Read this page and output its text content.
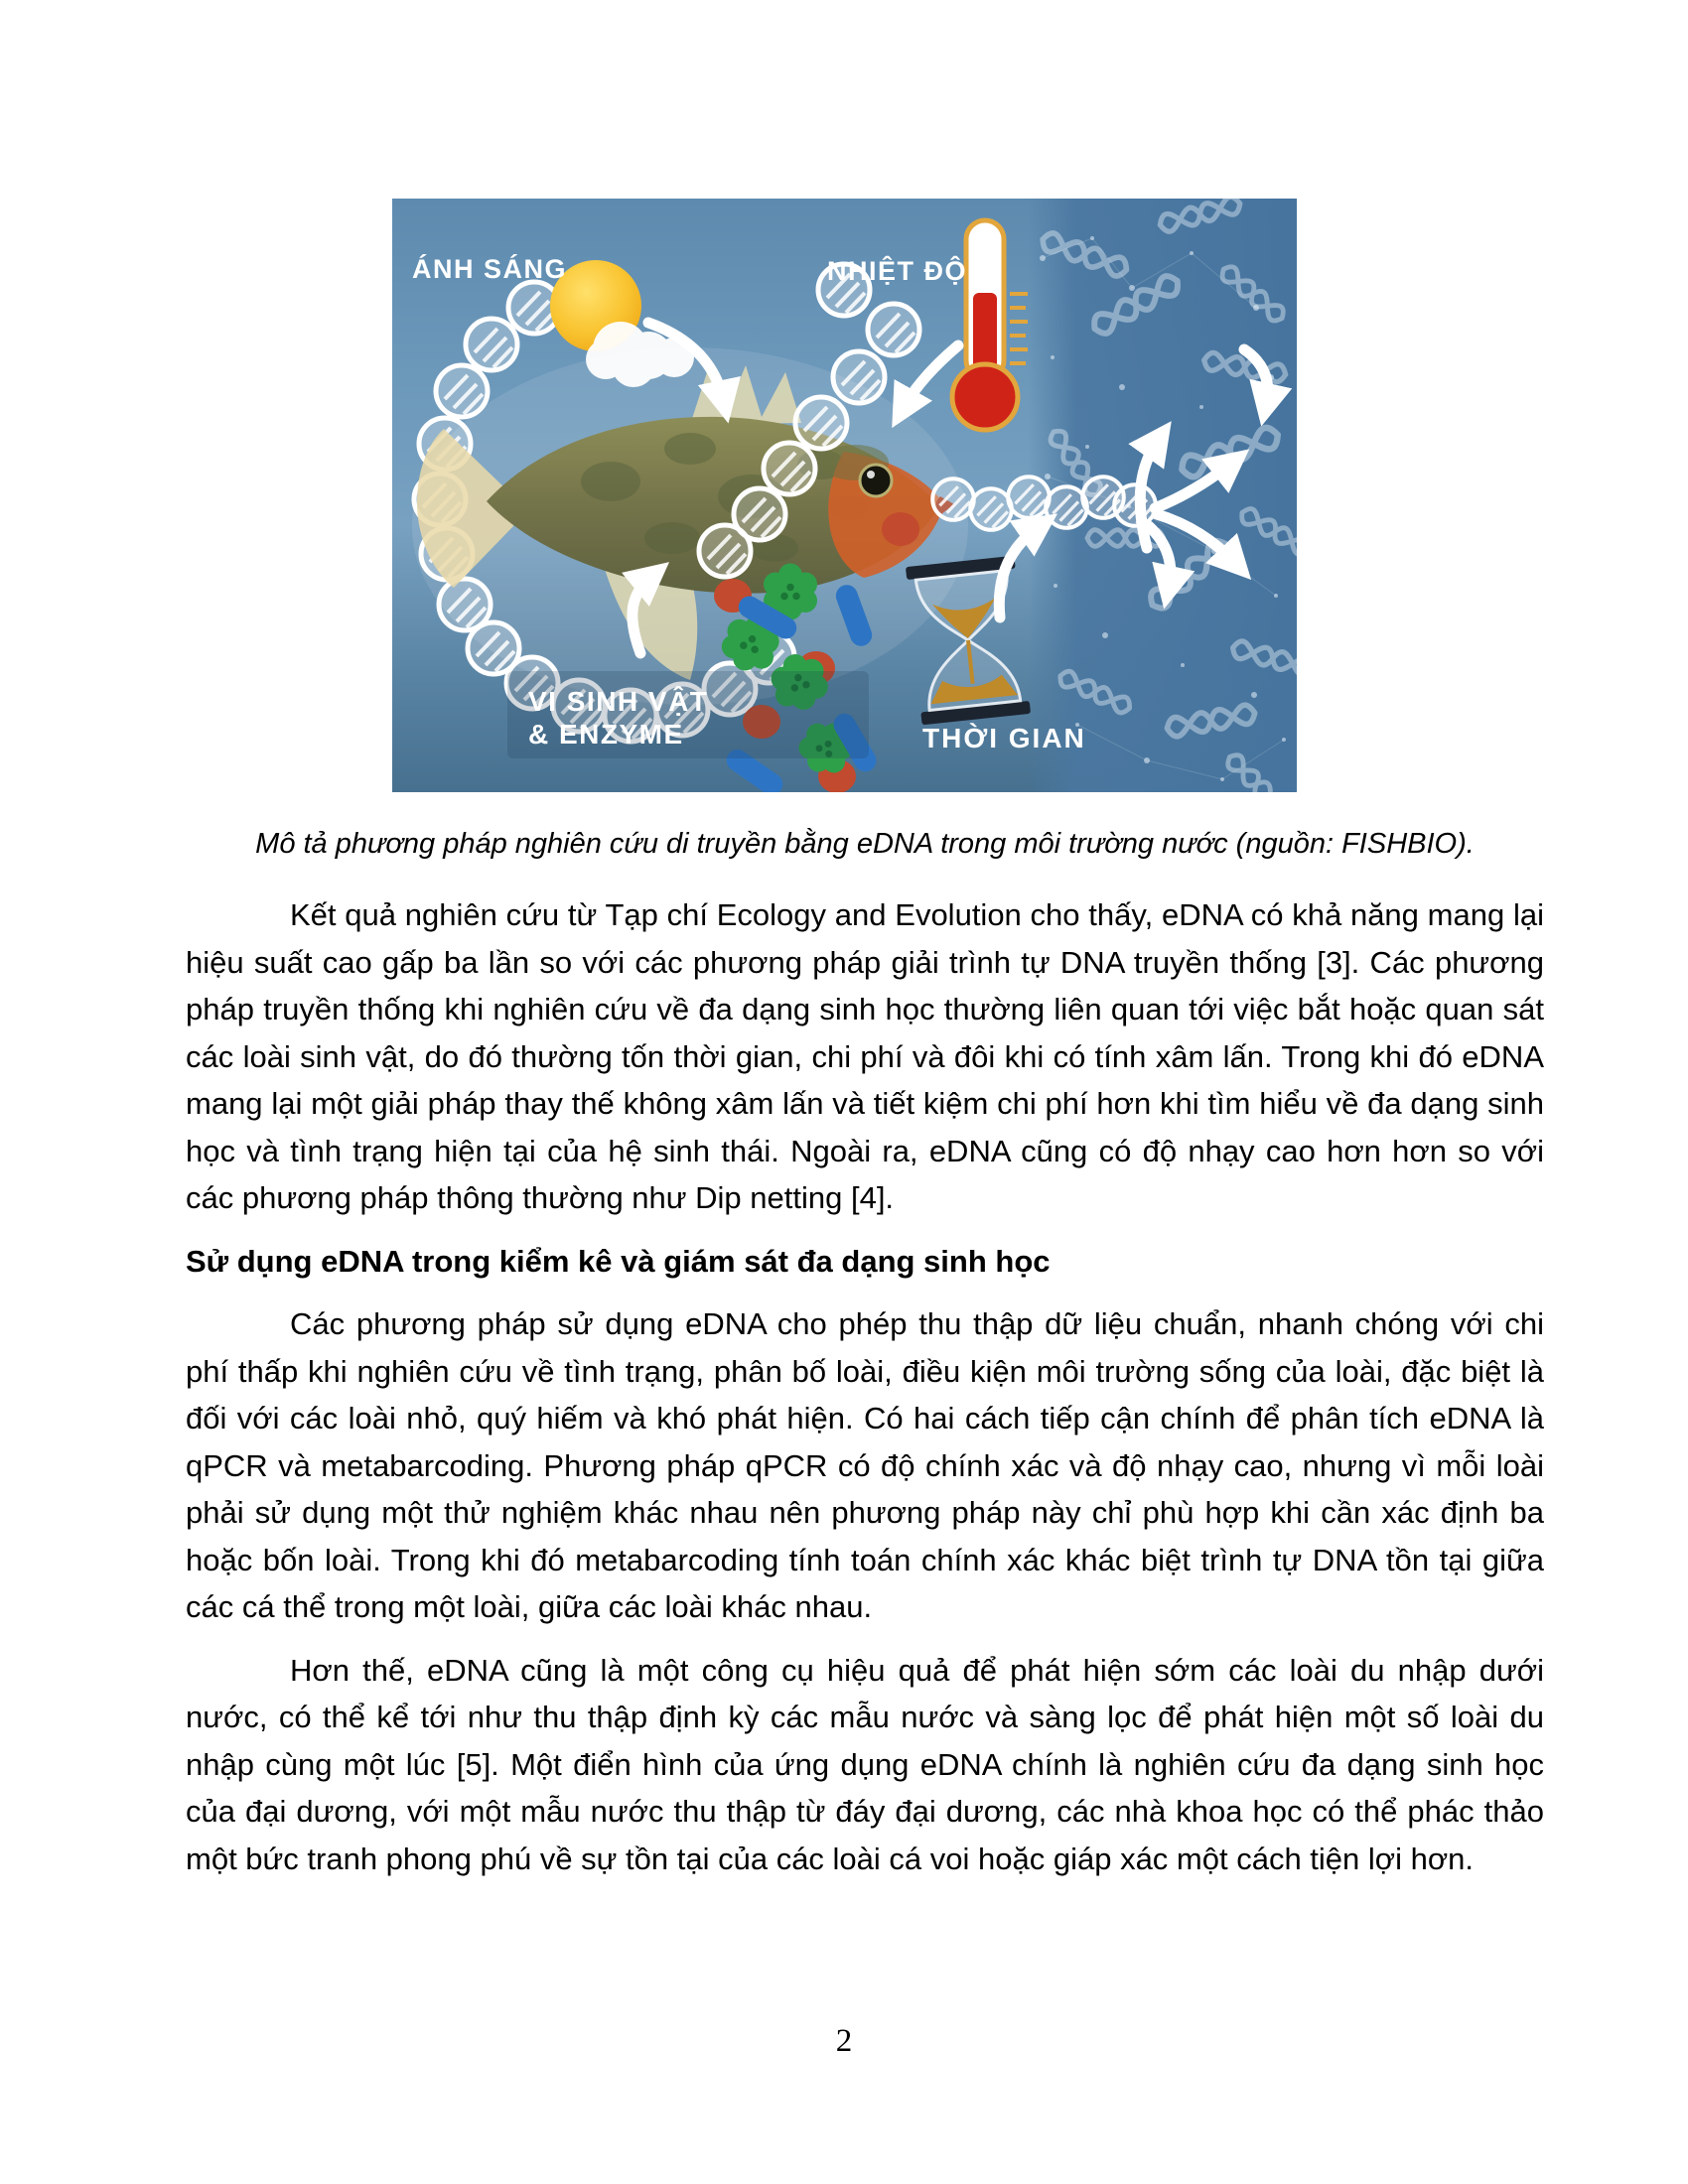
ÁNH SÁNG	NHIỆT ĐỘ
VI SINH VẬT
& ENZYME	THỜI GIAN
Mô tả phương pháp nghiên cứu di truyền bằng eDNA trong môi trường nước (nguồn: FISHBIO).

Kết quả nghiên cứu từ Tạp chí Ecology and Evolution cho thấy, eDNA có khả năng mang lại hiệu suất cao gấp ba lần so với các phương pháp giải trình tự DNA truyền thống [3]. Các phương pháp truyền thống khi nghiên cứu về đa dạng sinh học thường liên quan tới việc bắt hoặc quan sát các loài sinh vật, do đó thường tốn thời gian, chi phí và đôi khi có tính xâm lấn. Trong khi đó eDNA mang lại một giải pháp thay thế không xâm lấn và tiết kiệm chi phí hơn khi tìm hiểu về đa dạng sinh học và tình trạng hiện tại của hệ sinh thái. Ngoài ra, eDNA cũng có độ nhạy cao hơn hơn so với các phương pháp thông thường như Dip netting [4].

Sử dụng eDNA trong kiểm kê và giám sát đa dạng sinh học

Các phương pháp sử dụng eDNA cho phép thu thập dữ liệu chuẩn, nhanh chóng với chi phí thấp khi nghiên cứu về tình trạng, phân bố loài, điều kiện môi trường sống của loài, đặc biệt là đối với các loài nhỏ, quý hiếm và khó phát hiện. Có hai cách tiếp cận chính để phân tích eDNA là qPCR và metabarcoding. Phương pháp qPCR có độ chính xác và độ nhạy cao, nhưng vì mỗi loài phải sử dụng một thử nghiệm khác nhau nên phương pháp này chỉ phù hợp khi cần xác định ba hoặc bốn loài. Trong khi đó metabarcoding tính toán chính xác khác biệt trình tự DNA tồn tại giữa các cá thể trong một loài, giữa các loài khác nhau.

Hơn thế, eDNA cũng là một công cụ hiệu quả để phát hiện sớm các loài du nhập dưới nước, có thể kể tới như thu thập định kỳ các mẫu nước và sàng lọc để phát hiện một số loài du nhập cùng một lúc [5]. Một điển hình của ứng dụng eDNA chính là nghiên cứu đa dạng sinh học của đại dương, với một mẫu nước thu thập từ đáy đại dương, các nhà khoa học có thể phác thảo một bức tranh phong phú về sự tồn tại của các loài cá voi hoặc giáp xác một cách tiện lợi hơn.

2
